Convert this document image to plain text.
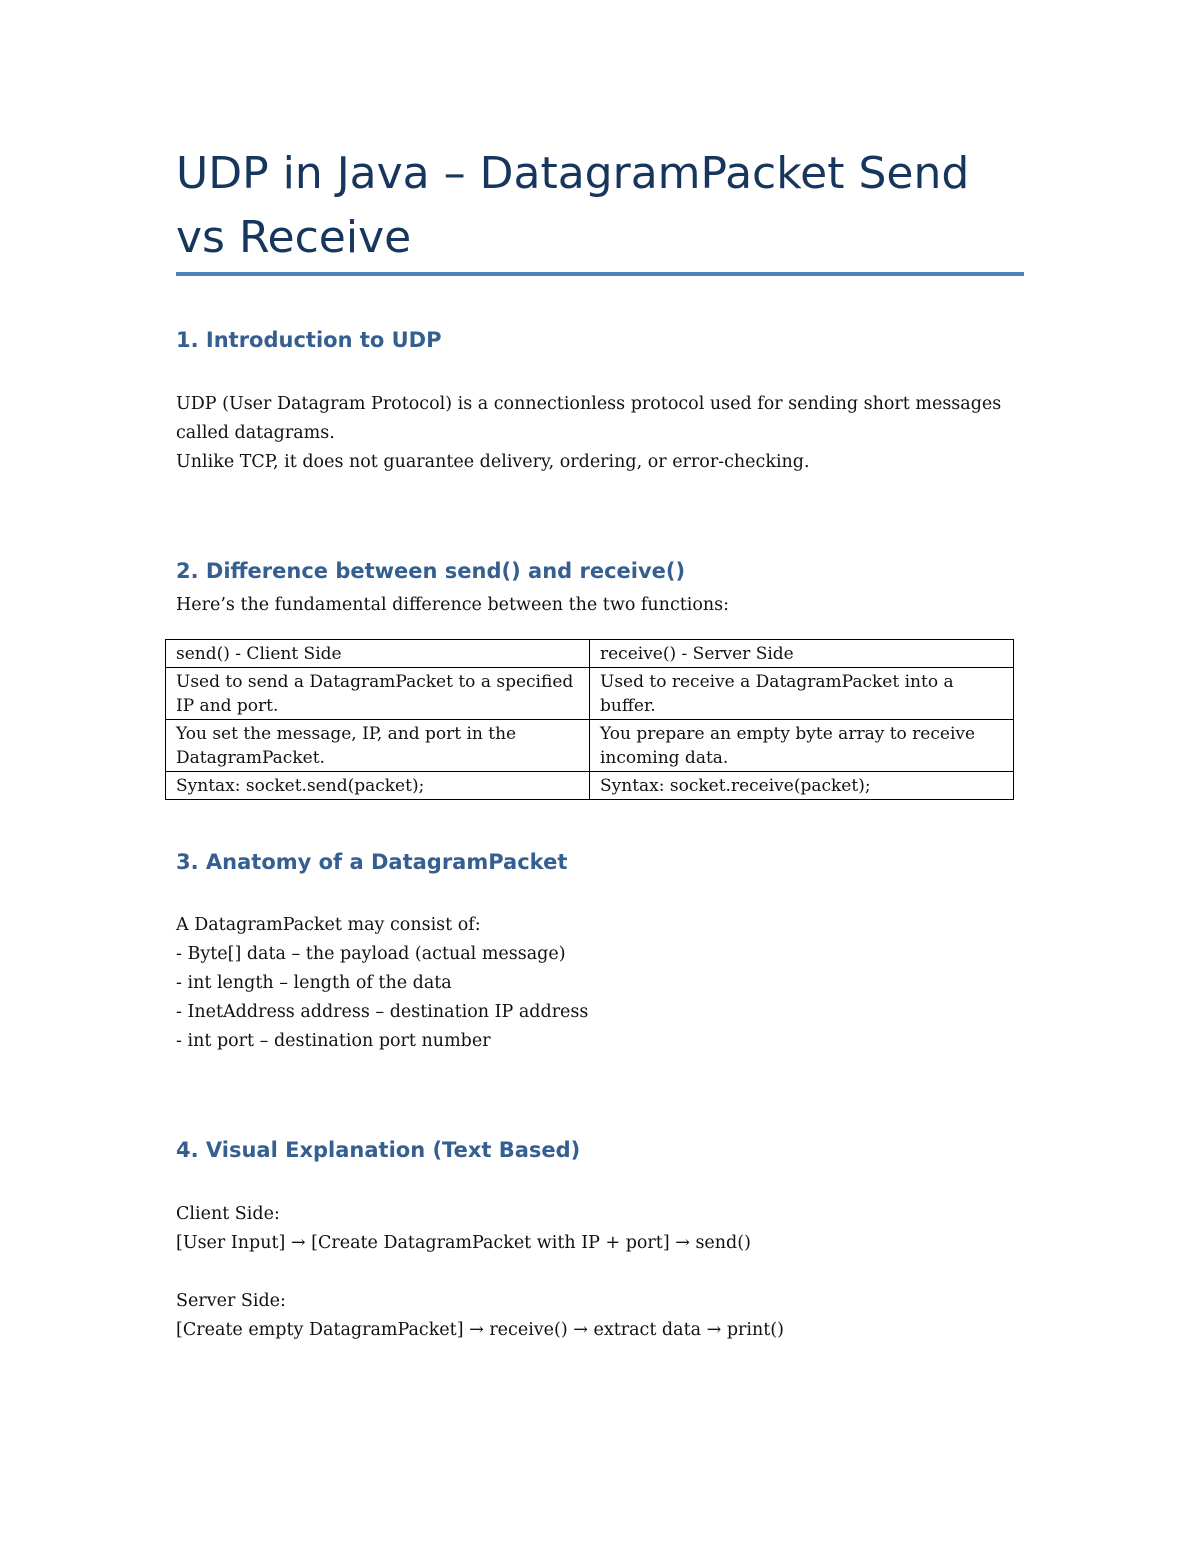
UDP in Java – DatagramPacket Send vs Receive
1. Introduction to UDP

UDP (User Datagram Protocol) is a connectionless protocol used for sending short messages
called datagrams.
Unlike TCP, it does not guarantee delivery, ordering, or error-checking.

2. Difference between send() and receive()

Here’s the fundamental difference between the two functions:

send() - Client Side	receive() - Server Side
Used to send a DatagramPacket to a specified IP and port.	Used to receive a DatagramPacket into a buffer.
You set the message, IP, and port in the DatagramPacket.	You prepare an empty byte array to receive incoming data.
Syntax: socket.send(packet);	Syntax: socket.receive(packet);
3. Anatomy of a DatagramPacket

A DatagramPacket may consist of:
- Byte[] data – the payload (actual message)
- int length – length of the data
- InetAddress address – destination IP address
- int port – destination port number

4. Visual Explanation (Text Based)

Client Side:
[User Input] → [Create DatagramPacket with IP + port] → send()

Server Side:
[Create empty DatagramPacket] → receive() → extract data → print()
